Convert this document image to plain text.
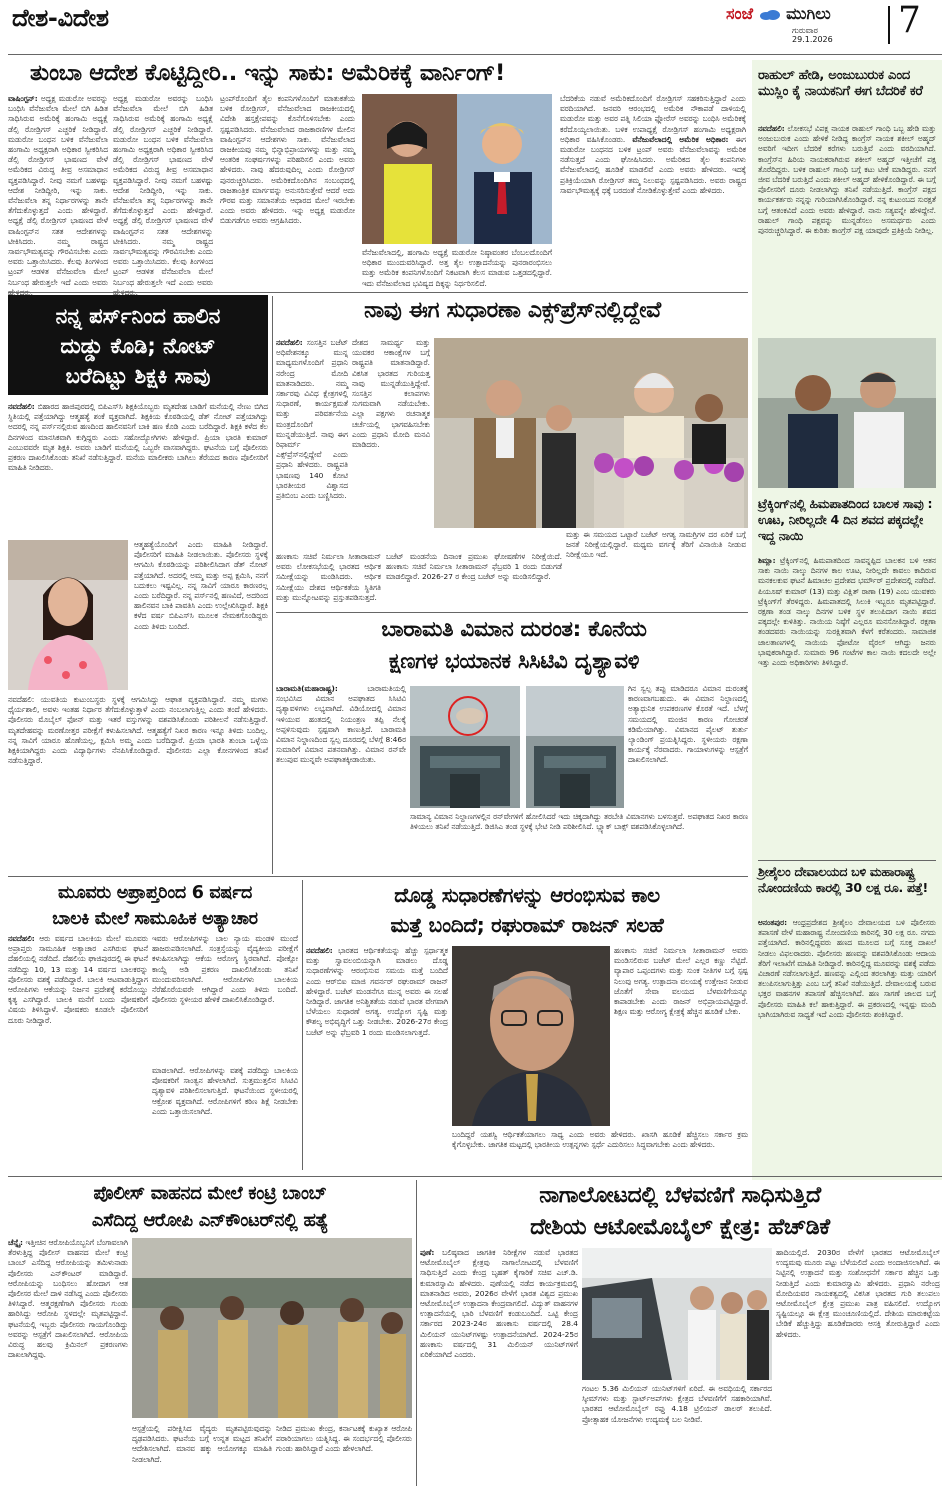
ದೇಶ-ವಿದೇಶ	ಸಂಜೆ ಮುಗಿಲು
ಗುರುವಾರ
29.1.2026 7
ತುಂಬಾ ಆದೇಶ ಕೊಟ್ಟಿದ್ದೀರಿ.. ಇನ್ನು ಸಾಕು: ಅಮೆರಿಕಕ್ಕೆ ವಾರ್ನಿಂಗ್!
ವಾಷಿಂಗ್ಟನ್: ಅಧ್ಯಕ್ಷ ಮಡುರೋ ಅವರನ್ನು ಬಂಧಿಸಿ ವೆನೆಜುವೆಲಾ ಮೇಲೆ ಬಿಗಿ ಹಿಡಿತ ಸಾಧಿಸಿರುವ ಅಮೆರಿಕ್ಕೆ ಹಂಗಾಮಿ ಅಧ್ಯಕ್ಷೆ ಡೆಲ್ಸಿ ರೋಡ್ರಿಗಸ್ ಎಚ್ಚರಿಕೆ ನೀಡಿದ್ದಾರೆ. ಮಡುರೋ ಬಂಧನ ಬಳಿಕ ವೆನೆಜುವೆಲಾ ಹಂಗಾಮಿ ಅಧ್ಯಕ್ಷರಾಗಿ ಅಧಿಕಾರ ಸ್ವೀಕರಿಸಿದ ಡೆಲ್ಸಿ ರೋಡ್ರಿಗಸ್ ಭಾಷಣದ ವೇಳೆ ಅಮೆರಿಕದ ವಿರುದ್ಧ ತೀವ್ರ ಅಸಮಾಧಾನ ವ್ಯಕ್ತಪಡಿಸಿದ್ದಾರೆ. ನೀವು ನಮಗೆ ಬಹಳಷ್ಟು ಆದೇಶ ನೀಡಿದ್ದೀರಿ, ಇನ್ನು ಸಾಕು. ವೆನೆಜುವೆಲಾ ತನ್ನ ನಿರ್ಧಾರಗಳನ್ನು ತಾನೇ ತೆಗೆದುಕೊಳ್ಳುತ್ತದೆ ಎಂದು ಹೇಳಿದ್ದಾರೆ. ಅಧ್ಯಕ್ಷೆ ಡೆಲ್ಸಿ ರೋಡ್ರಿಗಸ್ ಭಾಷಣದ ವೇಳೆ ವಾಷಿಂಗ್ಟನ್‌ನ ಸತತ ಆದೇಶಗಳನ್ನು ಟೀಕಿಸಿದರು. ನಮ್ಮ ರಾಷ್ಟ್ರದ ಸಾರ್ವಭೌಮತ್ವವನ್ನು ಗೌರವಿಸಬೇಕು ಎಂದು ಅವರು ಒತ್ತಾಯಿಸಿದರು. ಕೆಲವು ತಿಂಗಳಿಂದ ಟ್ರಂಪ್ ಆಡಳಿತ ವೆನೆಜುವೆಲಾ ಮೇಲೆ ನಿರ್ಬಂಧ ಹೇರುತ್ತಲೇ ಇದೆ ಎಂದು ಅವರು
ಅಧ್ಯಕ್ಷ ಮಡುರೋ ಅವರನ್ನು ಬಂಧಿಸಿ ವೆನೆಜುವೆಲಾ ಮೇಲೆ ಬಿಗಿ ಹಿಡಿತ ಸಾಧಿಸಿರುವ ಅಮೆರಿಕ್ಕೆ ಹಂಗಾಮಿ ಅಧ್ಯಕ್ಷೆ ಡೆಲ್ಸಿ ರೋಡ್ರಿಗಸ್ ಎಚ್ಚರಿಕೆ ನೀಡಿದ್ದಾರೆ. ಮಡುರೋ ಬಂಧನ ಬಳಿಕ ವೆನೆಜುವೆಲಾ ಹಂಗಾಮಿ ಅಧ್ಯಕ್ಷರಾಗಿ ಅಧಿಕಾರ ಸ್ವೀಕರಿಸಿದ ಡೆಲ್ಸಿ ರೋಡ್ರಿಗಸ್ ಭಾಷಣದ ವೇಳೆ ಅಮೆರಿಕದ ವಿರುದ್ಧ ತೀವ್ರ ಅಸಮಾಧಾನ ವ್ಯಕ್ತಪಡಿಸಿದ್ದಾರೆ. ನೀವು ನಮಗೆ ಬಹಳಷ್ಟು ಆದೇಶ ನೀಡಿದ್ದೀರಿ, ಇನ್ನು ಸಾಕು. ವೆನೆಜುವೆಲಾ ತನ್ನ ನಿರ್ಧಾರಗಳನ್ನು ತಾನೇ ತೆಗೆದುಕೊಳ್ಳುತ್ತದೆ ಎಂದು ಹೇಳಿದ್ದಾರೆ. ಅಧ್ಯಕ್ಷೆ ಡೆಲ್ಸಿ ರೋಡ್ರಿಗಸ್ ಭಾಷಣದ ವೇಳೆ ವಾಷಿಂಗ್ಟನ್‌ನ ಸತತ ಆದೇಶಗಳನ್ನು ಟೀಕಿಸಿದರು. ನಮ್ಮ ರಾಷ್ಟ್ರದ ಸಾರ್ವಭೌಮತ್ವವನ್ನು ಗೌರವಿಸಬೇಕು ಎಂದು ಅವರು ಒತ್ತಾಯಿಸಿದರು. ಕೆಲವು ತಿಂಗಳಿಂದ ಟ್ರಂಪ್ ಆಡಳಿತ ವೆನೆಜುವೆಲಾ ಮೇಲೆ ನಿರ್ಬಂಧ ಹೇರುತ್ತಲೇ ಇದೆ ಎಂದು ಅವರು
ಟ್ರಂಪ್‌ರೊಂದಿಗೆ ತೈಲ ಕಂಪನಿಗಳೊಂದಿಗೆ ಮಾತುಕತೆಯ ಬಳಿಕ ರೋಡ್ರಿಗಸ್, ವೆನೆಜುವೆಲಾದ ರಾಜಕೀಯದಲ್ಲಿ ವಿದೇಶಿ ಹಸ್ತಕ್ಷೇಪವನ್ನು ಕೊನೆಗೊಳಿಸಬೇಕು ಎಂದು ಸ್ಪಷ್ಟಪಡಿಸಿದರು. ವೆನೆಜುವೆಲಾದ ರಾಜಕಾರಣಿಗಳ ಮೇಲಿನ ವಾಷಿಂಗ್ಟನ್‌ನ ಆದೇಶಗಳು ಸಾಕು. ವೆನೆಜುವೆಲಾದ ರಾಜಕೀಯವು ನಮ್ಮ ಭಿನ್ನಾಭಿಪ್ರಾಯಗಳನ್ನು ಮತ್ತು ನಮ್ಮ ಆಂತರಿಕ ಸಂಘರ್ಷಗಳನ್ನು ಪರಿಹರಿಸಲಿ ಎಂದು ಅವರು ಹೇಳಿದರು. ನಾವು ಹೆದರುವುದಿಲ್ಲ ಎಂದು ರೋಡ್ರಿಗಸ್ ಪುನರುಚ್ಚರಿಸಿದರು. ಅಮೆರಿಕದೊಂದಿಗಿನ ಸಂಬಂಧದಲ್ಲಿ ರಾಜತಾಂತ್ರಿಕ ಮಾರ್ಗವನ್ನು ಅನುಸರಿಸುತ್ತೇವೆ ಆದರೆ ಅದು ಗೌರವ ಮತ್ತು ಸಮಾನತೆಯ ಆಧಾರದ ಮೇಲೆ ಇರಬೇಕು ಎಂದು ಅವರು ಹೇಳಿದರು. ಇನ್ನು ಅಧ್ಯಕ್ಷ ಮಡುರೋ ಬಿಡುಗಡೆಗೂ ಅವರು ಆಗ್ರಹಿಸಿದರು.
ವೆನೆಜುವೆಲಾದಲ್ಲಿ, ಹಂಗಾಮಿ ಅಧ್ಯಕ್ಷೆ ಮಡುರೋ ನಿಷ್ಠಾವಂತರ ಬೆಂಬಲದೊಂದಿಗೆ ಅಧಿಕಾರ ಮುಂದುವರಿಸಿದ್ದಾರೆ. ಅತ್ತ ತೈಲ ಉತ್ಪಾದನೆಯನ್ನು ಪುನರಾರಂಭಿಸಲು ಮತ್ತು ಅಮೆರಿಕ ಕಂಪನಿಗಳೊಂದಿಗೆ ನಿಕಟವಾಗಿ ಕೆಲಸ ಮಾಡುವ ಒತ್ತಡದಲ್ಲಿದ್ದಾರೆ. ಇದು ವೆನೆಜುವೆಲಾದ ಭವಿಷ್ಯದ ದಿಕ್ಕನ್ನು ನಿರ್ಧರಿಸಲಿದೆ.
ಬೆದರಿಕೆಯ ನಡುವೆ ಅಮೆರಿಕದೊಂದಿಗೆ ರೋಡ್ರಿಗಸ್ ಸಹಕರಿಸುತ್ತಿದ್ದಾರೆ ಎಂದು ವರದಿಯಾಗಿದೆ. ಜನವರಿ ಆರಂಭದಲ್ಲಿ ಅಮೆರಿಕ ನೌಕಾಪಡೆ ದಾಳಿಯಲ್ಲಿ ಮಡುರೋ ಮತ್ತು ಅವರ ಪತ್ನಿ ಸಿಲಿಯಾ ಫ್ಲೋರೆಸ್ ಅವರನ್ನು ಬಂಧಿಸಿ ಅಮೆರಿಕಕ್ಕೆ ಕರೆದೊಯ್ಯಲಾಯಿತು. ಬಳಿಕ ಉಪಾಧ್ಯಕ್ಷೆ ರೋಡ್ರಿಗಸ್ ಹಂಗಾಮಿ ಅಧ್ಯಕ್ಷರಾಗಿ ಅಧಿಕಾರ ವಹಿಸಿಕೊಂಡರು. ವೆನೆಜುವೆಲಾದಲ್ಲಿ ಅಮೆರಿಕ ಅಧಿಕಾರ: ಈಗ ಮಡುರೋ ಬಂಧನದ ಬಳಿಕ ಟ್ರಂಪ್ ಅವರು ವೆನೆಜುವೆಲಾವನ್ನು ಅಮೆರಿಕ ನಡೆಸುತ್ತದೆ ಎಂದು ಘೋಷಿಸಿದರು. ಅಮೆರಿಕದ ತೈಲ ಕಂಪನಿಗಳು ವೆನೆಜುವೆಲಾದಲ್ಲಿ ಹೂಡಿಕೆ ಮಾಡಲಿವೆ ಎಂದು ಅವರು ಹೇಳಿದರು. ಇದಕ್ಕೆ ಪ್ರತಿಕ್ರಿಯೆಯಾಗಿ ರೋಡ್ರಿಗಸ್ ತಮ್ಮ ನಿಲುವನ್ನು ಸ್ಪಷ್ಟಪಡಿಸಿದರು. ಅವರು ರಾಷ್ಟ್ರದ ಸಾರ್ವಭೌಮತ್ವಕ್ಕೆ ಧಕ್ಕೆ ಬರದಂತೆ ನೋಡಿಕೊಳ್ಳುತ್ತೇವೆ ಎಂದು ಹೇಳಿದರು.
ನನ್ನ ಪರ್ಸ್‌ನಿಂದ ಹಾಲಿನ
ದುಡ್ಡು ಕೊಡಿ; ನೋಟ್
ಬರೆದಿಟ್ಟು ಶಿಕ್ಷಕಿ ಸಾವು
ನವದೆಹಲಿ: ಬಿಹಾರದ ಹಾಜಿಪುರದಲ್ಲಿ ಬಿಪಿಎಸ್‌ಸಿ ಶಿಕ್ಷಕಿಯೊಬ್ಬರು ಮೃತದೇಹ ಬಾಡಿಗೆ ಮನೆಯಲ್ಲಿ ನೇಣು ಬಿಗಿದ ಸ್ಥಿತಿಯಲ್ಲಿ ಪತ್ತೆಯಾಗಿದ್ದು ಆತ್ಮಹತ್ಯೆ ಶಂಕೆ ವ್ಯಕ್ತವಾಗಿದೆ. ಶಿಕ್ಷಕಿಯ ಕೊಠಡಿಯಲ್ಲಿ ಡೆತ್ ನೋಟ್ ಪತ್ತೆಯಾಗಿದ್ದು ಅದರಲ್ಲಿ ನನ್ನ ಪರ್ಸ್‌ನಲ್ಲಿರುವ ಹಣದಿಂದ ಹಾಲಿನವನಿಗೆ ಬಾಕಿ ಹಣ ಕೊಡಿ ಎಂದು ಬರೆದಿದ್ದಾರೆ. ಶಿಕ್ಷಕಿ ಕಳೆದ ಕೆಲ ದಿನಗಳಿಂದ ಮಾನಸಿಕವಾಗಿ ಕುಗ್ಗಿದ್ದರು ಎಂದು ಸಹೋದ್ಯೋಗಿಗಳು ಹೇಳಿದ್ದಾರೆ. ಪ್ರಿಯಾ ಭಾರತಿ ಕುಮಾರ್ ಎಂಬುವವರೇ ಮೃತ ಶಿಕ್ಷಕಿ. ಅವರು ಬಾಡಿಗೆ ಮನೆಯಲ್ಲಿ ಒಬ್ಬರೇ ವಾಸವಾಗಿದ್ದರು. ಘಟನೆಯ ಬಗ್ಗೆ ಪೊಲೀಸರು ಪ್ರಕರಣ ದಾಖಲಿಸಿಕೊಂಡು ತನಿಖೆ ನಡೆಸುತ್ತಿದ್ದಾರೆ. ಮನೆಯ ಮಾಲೀಕರು ಬಾಗಿಲು ತೆರೆಯದ ಕಾರಣ ಪೊಲೀಸರಿಗೆ ಮಾಹಿತಿ ನೀಡಿದರು.
ಆತ್ಮಹತ್ಯೆಯೊಂದಿಗೆ ಎಂದು ಮಾಹಿತಿ ನೀಡಿದ್ದಾರೆ. ಪೊಲೀಸರಿಗೆ ಮಾಹಿತಿ ನೀಡಲಾಯಿತು. ಪೊಲೀಸರು ಸ್ಥಳಕ್ಕೆ ಆಗಮಿಸಿ ಕೊಠಡಿಯನ್ನು ಪರಿಶೀಲಿಸಿದಾಗ ಡೆತ್ ನೋಟ್ ಪತ್ತೆಯಾಗಿದೆ. ಅದರಲ್ಲಿ ಅಮ್ಮ ಮತ್ತು ಅಪ್ಪ ಕ್ಷಮಿಸಿ, ನನಗೆ ಬದುಕಲು ಇಷ್ಟವಿಲ್ಲ. ನನ್ನ ಸಾವಿಗೆ ಯಾರೂ ಕಾರಣರಲ್ಲ ಎಂದು ಬರೆದಿದ್ದಾರೆ. ನನ್ನ ಪರ್ಸ್‌ನಲ್ಲಿ ಹಣವಿದೆ, ಅದರಿಂದ ಹಾಲಿನವನ ಬಾಕಿ ಪಾವತಿಸಿ ಎಂದು ಉಲ್ಲೇಖಿಸಿದ್ದಾರೆ. ಶಿಕ್ಷಕಿ ಕಳೆದ ವರ್ಷ ಬಿಪಿಎಸ್‌ಸಿ ಮೂಲಕ ನೇಮಕಗೊಂಡಿದ್ದರು ಎಂದು ತಿಳಿದು ಬಂದಿದೆ.
ನವದೆಹಲಿ: ಯುವತಿಯ ಕುಟುಂಬಸ್ಥರು ಸ್ಥಳಕ್ಕೆ ಆಗಮಿಸಿದ್ದು ಆಘಾತ ವ್ಯಕ್ತಪಡಿಸಿದ್ದಾರೆ. ನಮ್ಮ ಮಗಳು ಧೈರ್ಯಶಾಲಿ, ಅವಳು ಇಂತಹ ನಿರ್ಧಾರ ತೆಗೆದುಕೊಳ್ಳುತ್ತಾಳೆ ಎಂದು ನಂಬಲಾಗುತ್ತಿಲ್ಲ ಎಂದು ತಂದೆ ಹೇಳಿದರು. ಪೊಲೀಸರು ಮೊಬೈಲ್ ಫೋನ್ ಮತ್ತು ಇತರೆ ವಸ್ತುಗಳನ್ನು ವಶಪಡಿಸಿಕೊಂಡು ಪರಿಶೀಲನೆ ನಡೆಸುತ್ತಿದ್ದಾರೆ. ಮೃತದೇಹವನ್ನು ಮರಣೋತ್ತರ ಪರೀಕ್ಷೆಗೆ ಕಳುಹಿಸಲಾಗಿದೆ. ಆತ್ಮಹತ್ಯೆಗೆ ನಿಖರ ಕಾರಣ ಇನ್ನೂ ತಿಳಿದು ಬಂದಿಲ್ಲ. ನನ್ನ ಸಾವಿಗೆ ಯಾರೂ ಹೊಣೆಯಲ್ಲ, ಕ್ಷಮಿಸಿ ಅಮ್ಮ ಎಂದು ಬರೆದಿದ್ದಾರೆ. ಪ್ರಿಯಾ ಭಾರತಿ ತುಂಬಾ ಒಳ್ಳೆಯ ಶಿಕ್ಷಕಿಯಾಗಿದ್ದರು ಎಂದು ವಿದ್ಯಾರ್ಥಿಗಳು ನೆನಪಿಸಿಕೊಂಡಿದ್ದಾರೆ. ಪೊಲೀಸರು ಎಲ್ಲಾ ಕೋನಗಳಿಂದ ತನಿಖೆ ನಡೆಸುತ್ತಿದ್ದಾರೆ.
ನಾವು ಈಗ ಸುಧಾರಣಾ ಎಕ್ಸ್‌ಪ್ರೆಸ್‌ನಲ್ಲಿದ್ದೇವೆ
ನವದೆಹಲಿ: ಸಂಸತ್ತಿನ ಬಜೆಟ್ ಅಧಿವೇಶನಕ್ಕೂ ಮುನ್ನ ಮಾಧ್ಯಮಗಳೊಂದಿಗೆ ಪ್ರಧಾನಿ ನರೇಂದ್ರ ಮೋದಿ ಮಾತನಾಡಿದರು. ನಮ್ಮ ಸರ್ಕಾರವು ವಿವಿಧ ಕ್ಷೇತ್ರಗಳಲ್ಲಿ ಸುಧಾರಣೆ, ಕಾರ್ಯಕ್ಷಮತೆ ಮತ್ತು ಪರಿವರ್ತನೆಯ ಮಂತ್ರದೊಂದಿಗೆ ಮುನ್ನಡೆಯುತ್ತಿದೆ. ನಾವು ಈಗ ರಿಫಾರ್ಮ್ ಎಕ್ಸ್‌ಪ್ರೆಸ್‌ನಲ್ಲಿದ್ದೇವೆ ಎಂದು ಪ್ರಧಾನಿ ಹೇಳಿದರು. ರಾಷ್ಟ್ರಪತಿ ಭಾಷಣವು 140 ಕೋಟಿ ಭಾರತೀಯರ ವಿಶ್ವಾಸದ ಪ್ರತಿಬಿಂಬ ಎಂದು ಬಣ್ಣಿಸಿದರು.
ದೇಶದ ಸಾಮರ್ಥ್ಯ ಮತ್ತು ಯುವಕರ ಆಕಾಂಕ್ಷೆಗಳ ಬಗ್ಗೆ ರಾಷ್ಟ್ರಪತಿ ಮಾತನಾಡಿದ್ದಾರೆ. ವಿಕಸಿತ ಭಾರತದ ಗುರಿಯತ್ತ ನಾವು ಮುನ್ನಡೆಯುತ್ತಿದ್ದೇವೆ. ಸಂಸತ್ತಿನ ಕಲಾಪಗಳು ಸುಗಮವಾಗಿ ನಡೆಯಬೇಕು. ಎಲ್ಲಾ ಪಕ್ಷಗಳು ರಚನಾತ್ಮಕ ಚರ್ಚೆಯಲ್ಲಿ ಭಾಗವಹಿಸಬೇಕು ಎಂದು ಪ್ರಧಾನಿ ಮೋದಿ ಮನವಿ ಮಾಡಿದರು.
ಹಣಕಾಸು ಸಚಿವೆ ನಿರ್ಮಲಾ ಸೀತಾರಾಮನ್ ಅವರು ಲೋಕಸಭೆಯಲ್ಲಿ ಭಾರತದ ಆರ್ಥಿಕ ಸಮೀಕ್ಷೆಯನ್ನು ಮಂಡಿಸಿದರು. ಆರ್ಥಿಕ ಸಮೀಕ್ಷೆಯು ದೇಶದ ಆರ್ಥಿಕತೆಯ ಸ್ಥಿತಿಗತಿ ಮತ್ತು ಮುನ್ನೋಟವನ್ನು ಪ್ರಸ್ತುತಪಡಿಸುತ್ತದೆ.
ಬಜೆಟ್ ಮಂಡನೆಯ ದಿನಾಂಕ ಪ್ರಮುಖ ಘೋಷಣೆಗಳ ನಿರೀಕ್ಷೆಯಿದೆ. ಹಣಕಾಸು ಸಚಿವೆ ನಿರ್ಮಲಾ ಸೀತಾರಾಮನ್ ಫೆಬ್ರವರಿ 1 ರಂದು ಬಿಡುಗಡೆ ಮಾಡಲಿದ್ದಾರೆ. 2026-27 ರ ಕೇಂದ್ರ ಬಜೆಟ್ ಅನ್ನು ಮಂಡಿಸಲಿದ್ದಾರೆ.
ಮತ್ತು ಈ ಸಮಯದ ಒಟ್ಟಾರೆ ಬಜೆಟ್ ಅಗತ್ಯ ಸಾಮಗ್ರಿಗಳ ದರ ಏರಿಕೆ ಬಗ್ಗೆ ಜನತೆ ನಿರೀಕ್ಷೆಯಲ್ಲಿದ್ದಾರೆ. ಮಧ್ಯಮ ವರ್ಗಕ್ಕೆ ತೆರಿಗೆ ವಿನಾಯಿತಿ ನೀಡುವ ನಿರೀಕ್ಷೆಯೂ ಇದೆ.
ಬಾರಾಮತಿ ವಿಮಾನ ದುರಂತ: ಕೊನೆಯ
ಕ್ಷಣಗಳ ಭಯಾನಕ ಸಿಸಿಟಿವಿ ದೃಶ್ಯಾವಳಿ
ಬಾರಾಮತಿ(ಮಹಾರಾಷ್ಟ್ರ):	ಬಾರಾಮತಿಯಲ್ಲಿ ಸಂಭವಿಸಿದ ವಿಮಾನ ಅಪಘಾತದ ಸಿಸಿಟಿವಿ ದೃಶ್ಯಾವಳಿಗಳು ಲಭ್ಯವಾಗಿದೆ. ವಿಡಿಯೋದಲ್ಲಿ ವಿಮಾನ ಇಳಿಯುವ ಹಂತದಲ್ಲಿ ನಿಯಂತ್ರಣ ತಪ್ಪಿ ನೆಲಕ್ಕೆ ಅಪ್ಪಳಿಸುವುದು ಸ್ಪಷ್ಟವಾಗಿ ಕಾಣುತ್ತಿದೆ. ಬಾರಾಮತಿ ವಿಮಾನ ನಿಲ್ದಾಣದಿಂದ ಸ್ವಲ್ಪ ದೂರದಲ್ಲಿ ಬೆಳಗ್ಗೆ 8:46ರ ಸುಮಾರಿಗೆ ವಿಮಾನ ಪತನವಾಗಿತ್ತು. ವಿಮಾನ ರನ್‌ವೇ ತಲುಪುವ ಮುನ್ನವೇ ಅಪಘಾತಕ್ಕೀಡಾಯಿತು.
ಗಿನ ಸ್ವಲ್ಪ ತಪ್ಪು ಮಾಡಿದರೂ ವಿಮಾನ ದುರಂತಕ್ಕೆ ಕಾರಣವಾಗಬಹುದು. ಈ ವಿಮಾನ ನಿಲ್ದಾಣದಲ್ಲಿ ಅತ್ಯಾಧುನಿಕ ಉಪಕರಣಗಳ ಕೊರತೆ ಇದೆ. ಬೆಳಗ್ಗೆ ಸಮಯದಲ್ಲಿ ಮಂಜಿನ ಕಾರಣ ಗೋಚರತೆ ಕಡಿಮೆಯಾಗಿತ್ತು. ವಿಮಾನದ ಪೈಲಟ್ ತುರ್ತು ಲ್ಯಾಂಡಿಂಗ್ ಪ್ರಯತ್ನಿಸಿದ್ದರು. ಸ್ಥಳೀಯರು ರಕ್ಷಣಾ ಕಾರ್ಯಕ್ಕೆ ನೆರವಾದರು. ಗಾಯಾಳುಗಳನ್ನು ಆಸ್ಪತ್ರೆಗೆ ದಾಖಲಿಸಲಾಗಿದೆ.
ಸಾಮಾನ್ಯ ವಿಮಾನ ನಿಲ್ದಾಣಗಳಲ್ಲಿನ ರನ್‌ವೇಗಳಿಗೆ ಹೋಲಿಸಿದರೆ ಇದು ಚಿಕ್ಕದಾಗಿದ್ದು ತರಬೇತಿ ವಿಮಾನಗಳು ಬಳಸುತ್ತವೆ. ಅಪಘಾತದ ನಿಖರ ಕಾರಣ ತಿಳಿಯಲು ತನಿಖೆ ನಡೆಯುತ್ತಿದೆ. ಡಿಜಿಸಿಎ ತಂಡ ಸ್ಥಳಕ್ಕೆ ಭೇಟಿ ನೀಡಿ ಪರಿಶೀಲಿಸಿದೆ. ಬ್ಲ್ಯಾಕ್ ಬಾಕ್ಸ್ ವಶಪಡಿಸಿಕೊಳ್ಳಲಾಗಿದೆ.
ಮೂವರು ಅಪ್ರಾಪ್ತರಿಂದ 6 ವರ್ಷದ
ಬಾಲಕಿ ಮೇಲೆ ಸಾಮೂಹಿಕ ಅತ್ಯಾಚಾರ
ನವದೆಹಲಿ: ಆರು ವರ್ಷದ ಬಾಲಕಿಯ ಮೇಲೆ ಮೂವರು ಅಪ್ರಾಪ್ತರು ಸಾಮೂಹಿಕ ಅತ್ಯಾಚಾರ ಎಸಗಿರುವ ಘಟನೆ ದೆಹಲಿಯಲ್ಲಿ ನಡೆದಿದೆ. ದೆಹಲಿಯ ಘಾಜಿಪುರದಲ್ಲಿ ಈ ಘಟನೆ ನಡೆದಿದ್ದು 10, 13 ಮತ್ತು 14 ವರ್ಷದ ಬಾಲಕರನ್ನು ಪೊಲೀಸರು ವಶಕ್ಕೆ ಪಡೆದಿದ್ದಾರೆ. ಬಾಲಕಿ ಆಟವಾಡುತ್ತಿದ್ದಾಗ ಆರೋಪಿಗಳು ಆಕೆಯನ್ನು ನಿರ್ಜನ ಪ್ರದೇಶಕ್ಕೆ ಕರೆದೊಯ್ದು ಕೃತ್ಯ ಎಸಗಿದ್ದಾರೆ. ಬಾಲಕಿ ಮನೆಗೆ ಬಂದು ಪೋಷಕರಿಗೆ ವಿಷಯ ತಿಳಿಸಿದ್ದಾಳೆ. ಪೋಷಕರು ಕೂಡಲೇ ಪೊಲೀಸರಿಗೆ ದೂರು ನೀಡಿದ್ದಾರೆ.
ಇವರು ಆರೋಪಿಗಳನ್ನು ಬಾಲ ನ್ಯಾಯ ಮಂಡಳಿ ಮುಂದೆ ಹಾಜರುಪಡಿಸಲಾಗಿದೆ. ಸಂತ್ರಸ್ತೆಯನ್ನು ವೈದ್ಯಕೀಯ ಪರೀಕ್ಷೆಗೆ ಕಳುಹಿಸಲಾಗಿದ್ದು ಆಕೆಯ ಆರೋಗ್ಯ ಸ್ಥಿರವಾಗಿದೆ. ಪೋಕ್ಸೋ ಕಾಯ್ದೆ ಅಡಿ ಪ್ರಕರಣ ದಾಖಲಿಸಿಕೊಂಡು ತನಿಖೆ ಮುಂದುವರಿಸಲಾಗಿದೆ. ಆರೋಪಿಗಳು ಬಾಲಕಿಯ ನೆರೆಹೊರೆಯವರೇ ಆಗಿದ್ದಾರೆ ಎಂದು ತಿಳಿದು ಬಂದಿದೆ. ಪೊಲೀಸರು ಸ್ಥಳೀಯರ ಹೇಳಿಕೆ ದಾಖಲಿಸಿಕೊಂಡಿದ್ದಾರೆ.
ಮಾಡಲಾಗಿದೆ. ಆರೋಪಿಗಳನ್ನು ವಶಕ್ಕೆ ಪಡೆದಿದ್ದು ಬಾಲಕಿಯ ಪೋಷಕರಿಗೆ ಸಾಂತ್ವನ ಹೇಳಲಾಗಿದೆ. ಸುತ್ತಮುತ್ತಲಿನ ಸಿಸಿಟಿವಿ ದೃಶ್ಯಾವಳಿ ಪರಿಶೀಲಿಸಲಾಗುತ್ತಿದೆ. ಘಟನೆಯಿಂದ ಸ್ಥಳೀಯರಲ್ಲಿ ಆಕ್ರೋಶ ವ್ಯಕ್ತವಾಗಿದೆ. ಆರೋಪಿಗಳಿಗೆ ಕಠಿಣ ಶಿಕ್ಷೆ ನೀಡಬೇಕು ಎಂದು ಒತ್ತಾಯಿಸಲಾಗಿದೆ.
ದೊಡ್ಡ ಸುಧಾರಣೆಗಳನ್ನು ಆರಂಭಿಸುವ ಕಾಲ
ಮತ್ತೆ ಬಂದಿದೆ; ರಘುರಾಮ್ ರಾಜನ್ ಸಲಹೆ
ನವದೆಹಲಿ: ಭಾರತದ ಆರ್ಥಿಕತೆಯನ್ನು ಹೆಚ್ಚು ಸ್ಪರ್ಧಾತ್ಮಕ ಮತ್ತು ಸ್ವಾವಲಂಬಿಯನ್ನಾಗಿ ಮಾಡಲು ದೊಡ್ಡ ಸುಧಾರಣೆಗಳನ್ನು ಆರಂಭಿಸುವ ಸಮಯ ಮತ್ತೆ ಬಂದಿದೆ ಎಂದು ಆರ್‌ಬಿಐ ಮಾಜಿ ಗವರ್ನರ್ ರಘುರಾಮ್ ರಾಜನ್ ಹೇಳಿದ್ದಾರೆ. ಬಜೆಟ್ ಮಂಡನೆಗೂ ಮುನ್ನ ಅವರು ಈ ಸಲಹೆ ನೀಡಿದ್ದಾರೆ. ಜಾಗತಿಕ ಅನಿಶ್ಚಿತತೆಯ ನಡುವೆ ಭಾರತ ವೇಗವಾಗಿ ಬೆಳೆಯಲು ಸುಧಾರಣೆ ಅಗತ್ಯ. ಉದ್ಯೋಗ ಸೃಷ್ಟಿ ಮತ್ತು ಕೌಶಲ್ಯ ಅಭಿವೃದ್ಧಿಗೆ ಒತ್ತು ನೀಡಬೇಕು. 2026-27ರ ಕೇಂದ್ರ ಬಜೆಟ್ ಅನ್ನು ಫೆಬ್ರವರಿ 1 ರಂದು ಮಂಡಿಸಲಾಗುತ್ತದೆ.
ಹಣಕಾಸು ಸಚಿವೆ ನಿರ್ಮಲಾ ಸೀತಾರಾಮನ್ ಅವರು ಮಂಡಿಸಲಿರುವ ಬಜೆಟ್ ಮೇಲೆ ಎಲ್ಲರ ಕಣ್ಣು ನೆಟ್ಟಿದೆ. ವ್ಯಾಪಾರ ಒಪ್ಪಂದಗಳು ಮತ್ತು ಸುಂಕ ನೀತಿಗಳ ಬಗ್ಗೆ ಸ್ಪಷ್ಟ ನಿಲುವು ಅಗತ್ಯ. ಉತ್ಪಾದನಾ ವಲಯಕ್ಕೆ ಉತ್ತೇಜನ ನೀಡುವ ಜೊತೆಗೆ ಸೇವಾ ವಲಯದ ಬೆಳವಣಿಗೆಯನ್ನೂ ಕಾಪಾಡಬೇಕು ಎಂದು ರಾಜನ್ ಅಭಿಪ್ರಾಯಪಟ್ಟಿದ್ದಾರೆ. ಶಿಕ್ಷಣ ಮತ್ತು ಆರೋಗ್ಯ ಕ್ಷೇತ್ರಕ್ಕೆ ಹೆಚ್ಚಿನ ಹೂಡಿಕೆ ಬೇಕು.
ಬಂದಿದ್ದರೆ ಯಶಸ್ವಿ ಆರ್ಥಿಕತೆಯಾಗಲು ಸಾಧ್ಯ ಎಂದು ಅವರು ಹೇಳಿದರು. ಖಾಸಗಿ ಹೂಡಿಕೆ ಹೆಚ್ಚಿಸಲು ಸರ್ಕಾರ ಕ್ರಮ ಕೈಗೊಳ್ಳಬೇಕು. ಜಾಗತಿಕ ಮಟ್ಟದಲ್ಲಿ ಭಾರತೀಯ ಉತ್ಪನ್ನಗಳು ಸ್ಪರ್ಧೆ ಎದುರಿಸಲು ಸಿದ್ಧವಾಗಬೇಕು ಎಂದು ಹೇಳಿದರು.
ರಾಹುಲ್ ಹೇಡಿ, ಅಂಜುಬುರುಕ ಎಂದ ಮುಸ್ಲಿಂ ಕೈ ನಾಯಕನಿಗೆ ಈಗ ಬೆದರಿಕೆ ಕರೆ
ನವದೆಹಲಿ: ಲೋಕಸಭೆ ವಿಪಕ್ಷ ನಾಯಕ ರಾಹುಲ್ ಗಾಂಧಿ ಒಬ್ಬ ಹೇಡಿ ಮತ್ತು ಅಂಜುಬುರುಕ ಎಂದು ಹೇಳಿಕೆ ನೀಡಿದ್ದ ಕಾಂಗ್ರೆಸ್ ನಾಯಕ ಶಕೀಲ್ ಅಹ್ಮದ್ ಅವರಿಗೆ ಇದೀಗ ಬೆದರಿಕೆ ಕರೆಗಳು ಬರುತ್ತಿವೆ ಎಂದು ವರದಿಯಾಗಿದೆ. ಕಾಂಗ್ರೆಸ್‌ನ ಹಿರಿಯ ನಾಯಕರಾಗಿರುವ ಶಕೀಲ್ ಅಹ್ಮದ್ ಇತ್ತೀಚೆಗೆ ಪಕ್ಷ ತೊರೆದಿದ್ದರು. ಬಳಿಕ ರಾಹುಲ್ ಗಾಂಧಿ ಬಗ್ಗೆ ಕಟು ಟೀಕೆ ಮಾಡಿದ್ದರು. ನನಗೆ ಜೀವ ಬೆದರಿಕೆ ಬರುತ್ತಿದೆ ಎಂದು ಶಕೀಲ್ ಅಹ್ಮದ್ ಹೇಳಿಕೊಂಡಿದ್ದಾರೆ. ಈ ಬಗ್ಗೆ ಪೊಲೀಸರಿಗೆ ದೂರು ನೀಡಲಾಗಿದ್ದು ತನಿಖೆ ನಡೆಯುತ್ತಿದೆ. ಕಾಂಗ್ರೆಸ್ ಪಕ್ಷದ ಕಾರ್ಯಕರ್ತರು ನನ್ನನ್ನು ಗುರಿಯಾಗಿಸಿಕೊಂಡಿದ್ದಾರೆ. ನನ್ನ ಕುಟುಂಬದ ಸುರಕ್ಷತೆ ಬಗ್ಗೆ ಆತಂಕವಿದೆ ಎಂದು ಅವರು ಹೇಳಿದ್ದಾರೆ. ನಾನು ಸತ್ಯವನ್ನೇ ಹೇಳಿದ್ದೇನೆ. ರಾಹುಲ್ ಗಾಂಧಿ ಪಕ್ಷವನ್ನು ಮುನ್ನಡೆಸಲು ಅಸಮರ್ಥರು ಎಂದು ಪುನರುಚ್ಚರಿಸಿದ್ದಾರೆ. ಈ ಕುರಿತು ಕಾಂಗ್ರೆಸ್ ಪಕ್ಷ ಯಾವುದೇ ಪ್ರತಿಕ್ರಿಯೆ ನೀಡಿಲ್ಲ.
ಟ್ರೆಕ್ಕಿಂಗ್‌ನಲ್ಲಿ ಹಿಮಪಾತದಿಂದ ಬಾಲಕ ಸಾವು : ಊಟ, ನೀರಿಲ್ಲದೇ 4 ದಿನ ಶವದ ಪಕ್ಕದಲ್ಲೇ ಇದ್ದ ನಾಯಿ
ಶಿಮ್ಲಾ: ಟ್ರೆಕ್ಕಿಂಗ್‌ನಲ್ಲಿ ಹಿಮಪಾತದಿಂದ ಸಾವನ್ನಪ್ಪಿದ ಬಾಲಕನ ಬಳಿ ಆತನ ಸಾಕು ನಾಯಿ ನಾಲ್ಕು ದಿನಗಳ ಕಾಲ ಊಟ, ನೀರಿಲ್ಲದೇ ಕಾವಲು ಕಾದಿರುವ ಮನಕಲಕುವ ಘಟನೆ ಹಿಮಾಚಲ ಪ್ರದೇಶದ ಭರ್ಮೌರ್ ಪ್ರದೇಶದಲ್ಲಿ ನಡೆದಿದೆ. ಪಿಯೂಷ್ ಕುಮಾರ್ (13) ಮತ್ತು ವಿಕ್ಷಿತ್ ರಾಣಾ (19) ಎಂಬ ಯುವಕರು ಟ್ರೆಕ್ಕಿಂಗ್‌ಗೆ ತೆರಳಿದ್ದರು. ಹಿಮಪಾತದಲ್ಲಿ ಸಿಲುಕಿ ಇಬ್ಬರೂ ಮೃತಪಟ್ಟಿದ್ದಾರೆ. ರಕ್ಷಣಾ ತಂಡ ನಾಲ್ಕು ದಿನಗಳ ಬಳಿಕ ಸ್ಥಳ ತಲುಪಿದಾಗ ನಾಯಿ ಶವದ ಪಕ್ಕದಲ್ಲೇ ಕುಳಿತಿತ್ತು. ನಾಯಿಯ ನಿಷ್ಠೆಗೆ ಎಲ್ಲರೂ ಮನಸೋತಿದ್ದಾರೆ. ರಕ್ಷಣಾ ತಂಡದವರು ನಾಯಿಯನ್ನು ಸುರಕ್ಷಿತವಾಗಿ ಕೆಳಗೆ ಕರೆತಂದರು. ಸಾಮಾಜಿಕ ಜಾಲತಾಣಗಳಲ್ಲಿ ನಾಯಿಯ ಫೋಟೋ ವೈರಲ್ ಆಗಿದ್ದು ಜನರು ಭಾವುಕರಾಗಿದ್ದಾರೆ. ಸುಮಾರು 96 ಗಂಟೆಗಳ ಕಾಲ ನಾಯಿ ಕದಲದೇ ಅಲ್ಲೇ ಇತ್ತು ಎಂದು ಅಧಿಕಾರಿಗಳು ತಿಳಿಸಿದ್ದಾರೆ.
ಶ್ರೀಶೈಲಂ ದೇವಾಲಯದ ಬಳಿ ಮಹಾರಾಷ್ಟ್ರ ನೋಂದಣಿಯ ಕಾರಲ್ಲಿ 30 ಲಕ್ಷ ರೂ. ಪತ್ತೆ!
ಅನಂತಪುರ: ಆಂಧ್ರಪ್ರದೇಶದ ಶ್ರೀಶೈಲಂ ದೇವಾಲಯದ ಬಳಿ ಪೊಲೀಸರು ತಪಾಸಣೆ ವೇಳೆ ಮಹಾರಾಷ್ಟ್ರ ನೋಂದಣಿಯ ಕಾರಿನಲ್ಲಿ 30 ಲಕ್ಷ ರೂ. ನಗದು ಪತ್ತೆಯಾಗಿದೆ. ಕಾರಿನಲ್ಲಿದ್ದವರು ಹಣದ ಮೂಲದ ಬಗ್ಗೆ ಸೂಕ್ತ ದಾಖಲೆ ನೀಡಲು ವಿಫಲರಾದರು. ಪೊಲೀಸರು ಹಣವನ್ನು ವಶಪಡಿಸಿಕೊಂಡು ಆದಾಯ ತೆರಿಗೆ ಇಲಾಖೆಗೆ ಮಾಹಿತಿ ನೀಡಿದ್ದಾರೆ. ಕಾರಿನಲ್ಲಿದ್ದ ಮೂವರನ್ನು ವಶಕ್ಕೆ ಪಡೆದು ವಿಚಾರಣೆ ನಡೆಸಲಾಗುತ್ತಿದೆ. ಹಣವನ್ನು ಎಲ್ಲಿಂದ ತರಲಾಗಿತ್ತು ಮತ್ತು ಯಾರಿಗೆ ತಲುಪಿಸಲಾಗುತ್ತಿತ್ತು ಎಂಬ ಬಗ್ಗೆ ತನಿಖೆ ನಡೆಯುತ್ತಿದೆ. ದೇವಾಲಯಕ್ಕೆ ಬರುವ ಭಕ್ತರ ವಾಹನಗಳ ತಪಾಸಣೆ ಹೆಚ್ಚಿಸಲಾಗಿದೆ. ಹಣ ಸಾಗಣೆ ಜಾಲದ ಬಗ್ಗೆ ಪೊಲೀಸರು ಮಾಹಿತಿ ಕಲೆ ಹಾಕುತ್ತಿದ್ದಾರೆ. ಈ ಪ್ರಕರಣದಲ್ಲಿ ಇನ್ನಷ್ಟು ಮಂದಿ ಭಾಗಿಯಾಗಿರುವ ಸಾಧ್ಯತೆ ಇದೆ ಎಂದು ಪೊಲೀಸರು ಶಂಕಿಸಿದ್ದಾರೆ.
ಪೊಲೀಸ್ ವಾಹನದ ಮೇಲೆ ಕಂಟ್ರಿ ಬಾಂಬ್
ಎಸೆದಿದ್ದ ಆರೋಪಿ ಎನ್‌ಕೌಂಟರ್‌ನಲ್ಲಿ ಹತ್ಯೆ
ಚೆನ್ನೈ: ಇತ್ತೀಚಿನ ಆರೋಪಿಯೊಬ್ಬನಿಗೆ ಬೆಂಗಾವಲಾಗಿ ತೆರಳುತ್ತಿದ್ದ ಪೊಲೀಸ್ ವಾಹನದ ಮೇಲೆ ಕಂಟ್ರಿ ಬಾಂಬ್ ಎಸೆದಿದ್ದ ಆರೋಪಿಯನ್ನು ತಮಿಳುನಾಡು ಪೊಲೀಸರು ಎನ್‌ಕೌಂಟರ್ ಮಾಡಿದ್ದಾರೆ. ಆರೋಪಿಯನ್ನು ಬಂಧಿಸಲು ಹೋದಾಗ ಆತ ಪೊಲೀಸರ ಮೇಲೆ ದಾಳಿ ನಡೆಸಿದ್ದ ಎಂದು ಪೊಲೀಸರು ತಿಳಿಸಿದ್ದಾರೆ. ಆತ್ಮರಕ್ಷಣೆಗಾಗಿ ಪೊಲೀಸರು ಗುಂಡು ಹಾರಿಸಿದ್ದು ಆರೋಪಿ ಸ್ಥಳದಲ್ಲೇ ಮೃತಪಟ್ಟಿದ್ದಾನೆ. ಘಟನೆಯಲ್ಲಿ ಇಬ್ಬರು ಪೊಲೀಸರು ಗಾಯಗೊಂಡಿದ್ದು ಅವರನ್ನು ಆಸ್ಪತ್ರೆಗೆ ದಾಖಲಿಸಲಾಗಿದೆ. ಆರೋಪಿಯ ವಿರುದ್ಧ ಹಲವು ಕ್ರಿಮಿನಲ್ ಪ್ರಕರಣಗಳು ದಾಖಲಾಗಿದ್ದವು.
ಆಸ್ಪತ್ರೆಯಲ್ಲಿ ಪರೀಕ್ಷಿಸಿದ ವೈದ್ಯರು ಮೃತಪಟ್ಟಿರುವುದನ್ನು ದೃಢಪಡಿಸಿದರು. ಘಟನೆಯ ಬಗ್ಗೆ ಉನ್ನತ ಮಟ್ಟದ ತನಿಖೆಗೆ ಆದೇಶಿಸಲಾಗಿದೆ. ಮಾನವ ಹಕ್ಕು ಆಯೋಗಕ್ಕೂ ಮಾಹಿತಿ ನೀಡಲಾಗಿದೆ.
ನೀಡಿದ ಪ್ರಮುಖ ಕೇಂದ್ರ, ಕರ್ನಾಟಕಕ್ಕೆ ಕುಖ್ಯಾತ ಆರೋಪಿ ಪರಾರಿಯಾಗಲು ಯತ್ನಿಸಿದ್ದ. ಈ ಸಂದರ್ಭದಲ್ಲಿ ಪೊಲೀಸರು ಗುಂಡು ಹಾರಿಸಿದ್ದಾರೆ ಎಂದು ಹೇಳಲಾಗಿದೆ.
ನಾಗಾಲೋಟದಲ್ಲಿ ಬೆಳವಣಿಗೆ ಸಾಧಿಸುತ್ತಿದೆ
ದೇಶಿಯ ಆಟೋಮೊಬೈಲ್ ಕ್ಷೇತ್ರ: ಹೆಚ್‌ಡಿಕೆ
ಪುಣೆ: ಬಲಿಷ್ಠವಾದ ಜಾಗತಿಕ ನಿರೀಕ್ಷೆಗಳ ನಡುವೆ ಭಾರತದ ಆಟೋಮೊಬೈಲ್ ಕ್ಷೇತ್ರವು ನಾಗಾಲೋಟದಲ್ಲಿ ಬೆಳವಣಿಗೆ ಸಾಧಿಸುತ್ತಿದೆ ಎಂದು ಕೇಂದ್ರ ಬೃಹತ್ ಕೈಗಾರಿಕೆ ಸಚಿವ ಎಚ್.ಡಿ. ಕುಮಾರಸ್ವಾಮಿ ಹೇಳಿದರು. ಪುಣೆಯಲ್ಲಿ ನಡೆದ ಕಾರ್ಯಕ್ರಮದಲ್ಲಿ ಮಾತನಾಡಿದ ಅವರು, 2026ರ ವೇಳೆಗೆ ಭಾರತ ವಿಶ್ವದ ಪ್ರಮುಖ ಆಟೋಮೊಬೈಲ್ ಉತ್ಪಾದನಾ ಕೇಂದ್ರವಾಗಲಿದೆ. ವಿದ್ಯುತ್ ವಾಹನಗಳ ಉತ್ಪಾದನೆಯಲ್ಲಿ ಭಾರಿ ಬೆಳವಣಿಗೆ ಕಂಡುಬಂದಿದೆ. ಒಟ್ಟಿ ಕೇಂದ್ರ ಸರ್ಕಾರದ 2023-24ರ ಹಣಕಾಸು ವರ್ಷದಲ್ಲಿ 28.4 ಮಿಲಿಯನ್ ಯುನಿಟ್‌ಗಳಷ್ಟು ಉತ್ಪಾದನೆಯಾಗಿದೆ. 2024-25ರ ಹಣಕಾಸು ವರ್ಷದಲ್ಲಿ 31 ಮಿಲಿಯನ್ ಯುನಿಟ್‌ಗಳಿಗೆ ಏರಿಕೆಯಾಗಿದೆ ಎಂದರು.
ಗಂಟಲ 5.36 ಮಿಲಿಯನ್ ಯುನಿಟ್‌ಗಳಿಗೆ ಏರಿದೆ. ಈ ಅವಧಿಯಲ್ಲಿ ಸರ್ಕಾರದ ಸ್ಕೀಮ್‌ಗಳು ಮತ್ತು ಸ್ಟಾರ್ಟ್‌ಅಪ್‌ಗಳು ಕ್ಷೇತ್ರದ ಬೆಳವಣಿಗೆಗೆ ಸಹಕಾರಿಯಾಗಿವೆ. ಭಾರತದ ಆಟೋಮೊಬೈಲ್ ರಫ್ತು 4.18 ಟ್ರಿಲಿಯನ್ ಡಾಲರ್ ತಲುಪಿದೆ. ಪ್ರೋತ್ಸಾಹಕ ಯೋಜನೆಗಳು ಉದ್ಯಮಕ್ಕೆ ಬಲ ನೀಡಿವೆ.
ಹಾದಿಯಲ್ಲಿದೆ. 2030ರ ವೇಳೆಗೆ ಭಾರತದ ಆಟೋಮೊಬೈಲ್ ಉದ್ಯಮವು ಮೂರು ಪಟ್ಟು ಬೆಳೆಯಲಿದೆ ಎಂದು ಅಂದಾಜಿಸಲಾಗಿದೆ. ಈ ನಿಟ್ಟಿನಲ್ಲಿ ಉತ್ಪಾದನೆ ಮತ್ತು ಸಂಶೋಧನೆಗೆ ಸರ್ಕಾರ ಹೆಚ್ಚಿನ ಒತ್ತು ನೀಡುತ್ತಿದೆ ಎಂದು ಕುಮಾರಸ್ವಾಮಿ ಹೇಳಿದರು. ಪ್ರಧಾನಿ ನರೇಂದ್ರ ಮೋದಿಯವರ ನಾಯಕತ್ವದಲ್ಲಿ ವಿಕಸಿತ ಭಾರತದ ಗುರಿ ತಲುಪಲು ಆಟೋಮೊಬೈಲ್ ಕ್ಷೇತ್ರ ಪ್ರಮುಖ ಪಾತ್ರ ವಹಿಸಲಿದೆ. ಉದ್ಯೋಗ ಸೃಷ್ಟಿಯಲ್ಲೂ ಈ ಕ್ಷೇತ್ರ ಮುಂಚೂಣಿಯಲ್ಲಿದೆ. ದೇಶಿಯ ಮಾರುಕಟ್ಟೆಯ ಬೇಡಿಕೆ ಹೆಚ್ಚುತ್ತಿದ್ದು ಹೂಡಿಕೆದಾರರು ಆಸಕ್ತಿ ತೋರುತ್ತಿದ್ದಾರೆ ಎಂದು ಹೇಳಿದರು.
